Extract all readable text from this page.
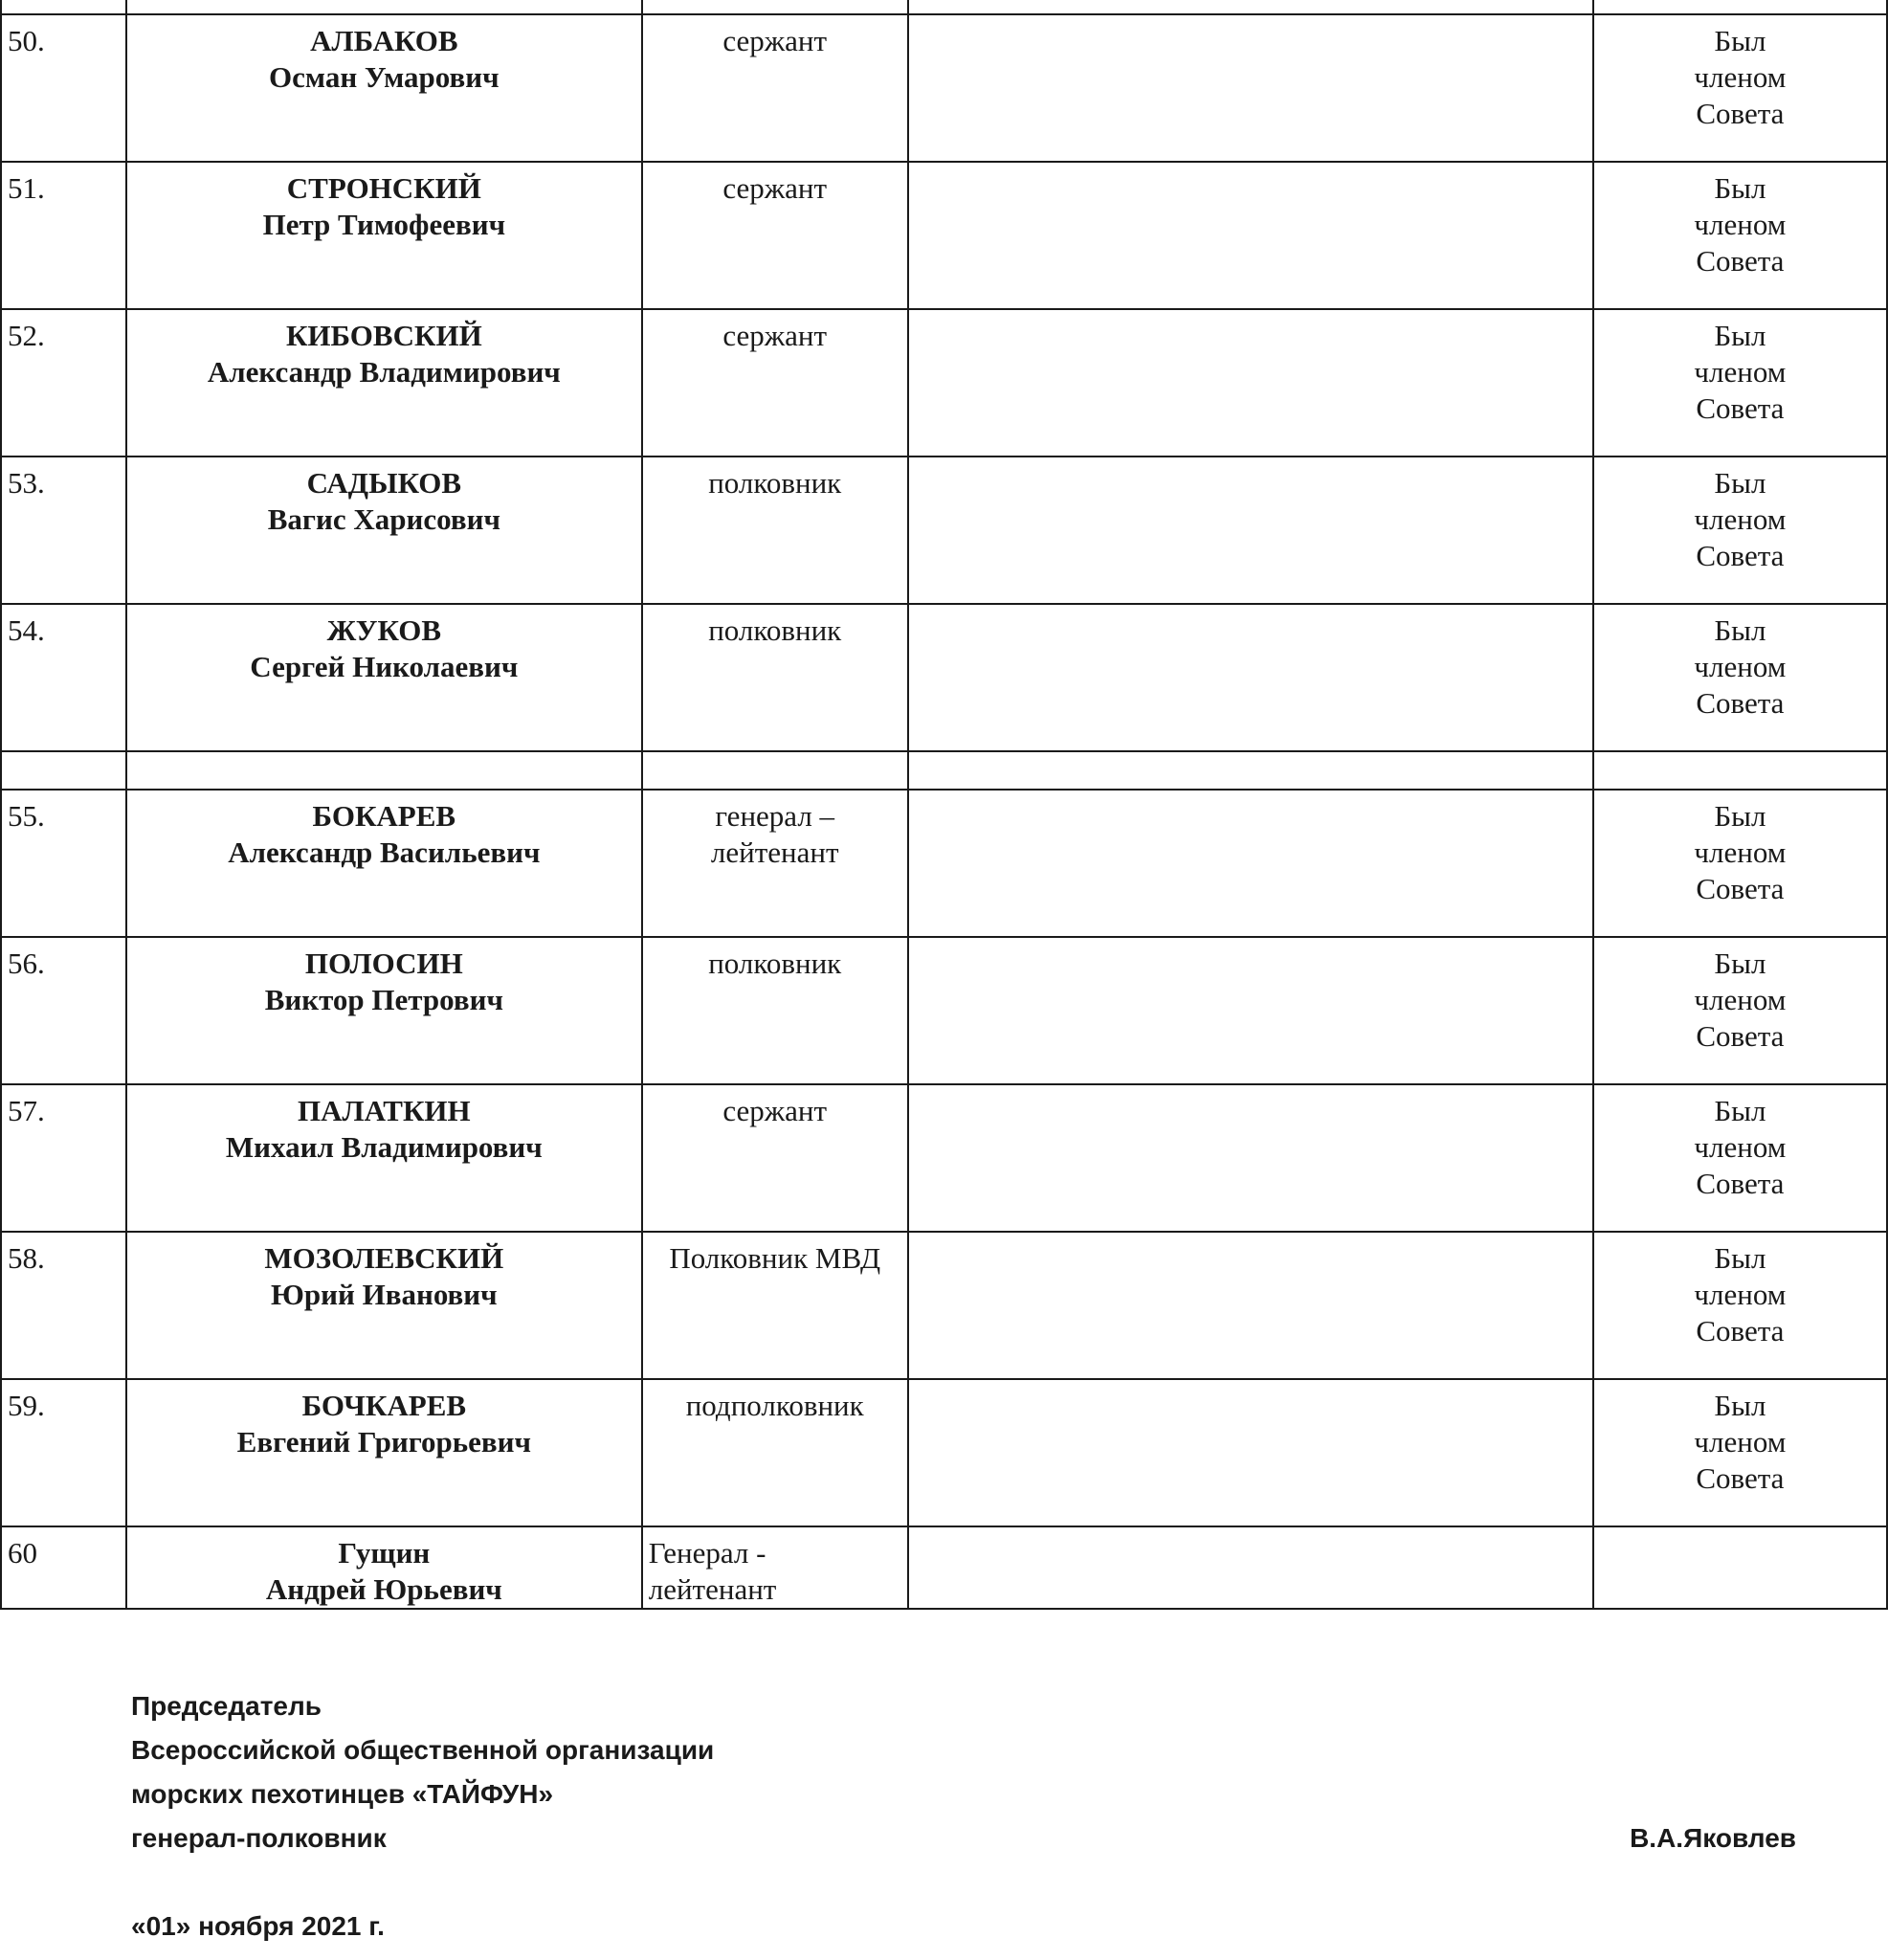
50.	АЛБАКОВ
Осман Умарович	сержант		Был
членом
Совета

51.	СТРОНСКИЙ
Петр Тимофеевич	сержант		Был
членом
Совета

52.	КИБОВСКИЙ
Александр Владимирович	сержант		Был
членом
Совета

53.	САДЫКОВ
Вагис Харисович	полковник		Был
членом
Совета

54.	ЖУКОВ
Сергей Николаевич	полковник		Был
членом
Совета

55.	БОКАРЕВ
Александр Васильевич	генерал –
лейтенант		Был
членом
Совета

56.	ПОЛОСИН
Виктор Петрович	полковник		Был
членом
Совета

57.	ПАЛАТКИН
Михаил Владимирович	сержант		Был
членом
Совета

58.	МОЗОЛЕВСКИЙ
Юрий Иванович	Полковник МВД		Был
членом
Совета

59.	БОЧКАРЕВ
Евгений Григорьевич	подполковник		Был
членом
Совета

60	Гущин
Андрей Юрьевич	Генерал -
лейтенант		

Председатель
Всероссийской общественной организации
морских пехотинцев «ТАЙФУН»
генерал-полковник	В.А.Яковлев
«01» ноября 2021 г.
